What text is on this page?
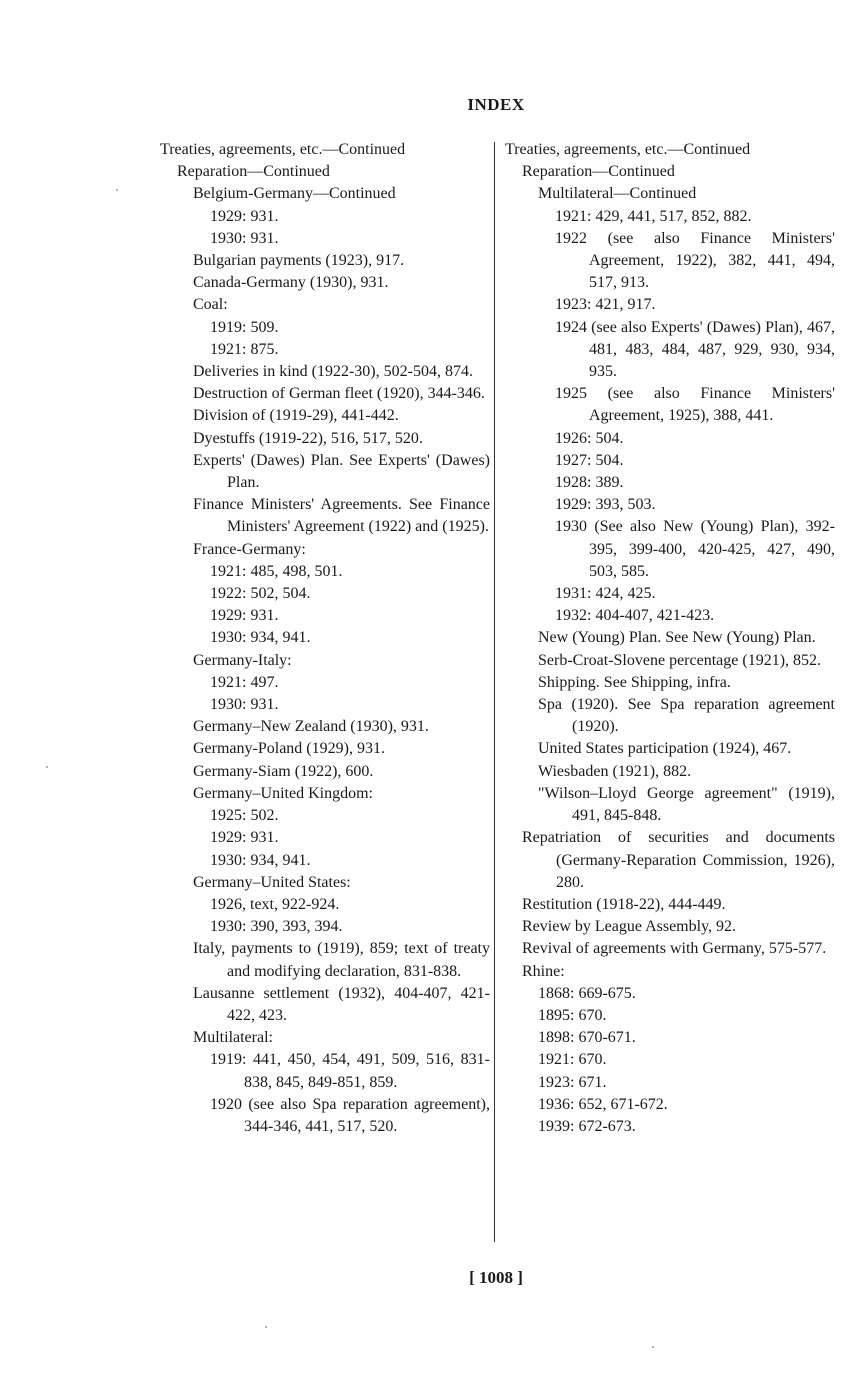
INDEX
Treaties, agreements, etc.—Continued
Reparation—Continued
Belgium-Germany—Continued
1929: 931.
1930: 931.
Bulgarian payments (1923), 917.
Canada-Germany (1930), 931.
Coal:
1919: 509.
1921: 875.
Deliveries in kind (1922-30), 502-504, 874.
Destruction of German fleet (1920), 344-346.
Division of (1919-29), 441-442.
Dyestuffs (1919-22), 516, 517, 520.
Experts' (Dawes) Plan. See Experts' (Dawes) Plan.
Finance Ministers' Agreements. See Finance Ministers' Agreement (1922) and (1925).
France-Germany:
1921: 485, 498, 501.
1922: 502, 504.
1929: 931.
1930: 934, 941.
Germany-Italy:
1921: 497.
1930: 931.
Germany–New Zealand (1930), 931.
Germany-Poland (1929), 931.
Germany-Siam (1922), 600.
Germany–United Kingdom:
1925: 502.
1929: 931.
1930: 934, 941.
Germany–United States:
1926, text, 922-924.
1930: 390, 393, 394.
Italy, payments to (1919), 859; text of treaty and modifying declaration, 831-838.
Lausanne settlement (1932), 404-407, 421-422, 423.
Multilateral:
1919: 441, 450, 454, 491, 509, 516, 831-838, 845, 849-851, 859.
1920 (see also Spa reparation agreement), 344-346, 441, 517, 520.
Treaties, agreements, etc.—Continued
Reparation—Continued
Multilateral—Continued
1921: 429, 441, 517, 852, 882.
1922 (see also Finance Ministers' Agreement, 1922), 382, 441, 494, 517, 913.
1923: 421, 917.
1924 (see also Experts' (Dawes) Plan), 467, 481, 483, 484, 487, 929, 930, 934, 935.
1925 (see also Finance Ministers' Agreement, 1925), 388, 441.
1926: 504.
1927: 504.
1928: 389.
1929: 393, 503.
1930 (See also New (Young) Plan), 392-395, 399-400, 420-425, 427, 490, 503, 585.
1931: 424, 425.
1932: 404-407, 421-423.
New (Young) Plan. See New (Young) Plan.
Serb-Croat-Slovene percentage (1921), 852.
Shipping. See Shipping, infra.
Spa (1920). See Spa reparation agreement (1920).
United States participation (1924), 467.
Wiesbaden (1921), 882.
"Wilson–Lloyd George agreement" (1919), 491, 845-848.
Repatriation of securities and documents (Germany-Reparation Commission, 1926), 280.
Restitution (1918-22), 444-449.
Review by League Assembly, 92.
Revival of agreements with Germany, 575-577.
Rhine:
1868: 669-675.
1895: 670.
1898: 670-671.
1921: 670.
1923: 671.
1936: 652, 671-672.
1939: 672-673.
[ 1008 ]
